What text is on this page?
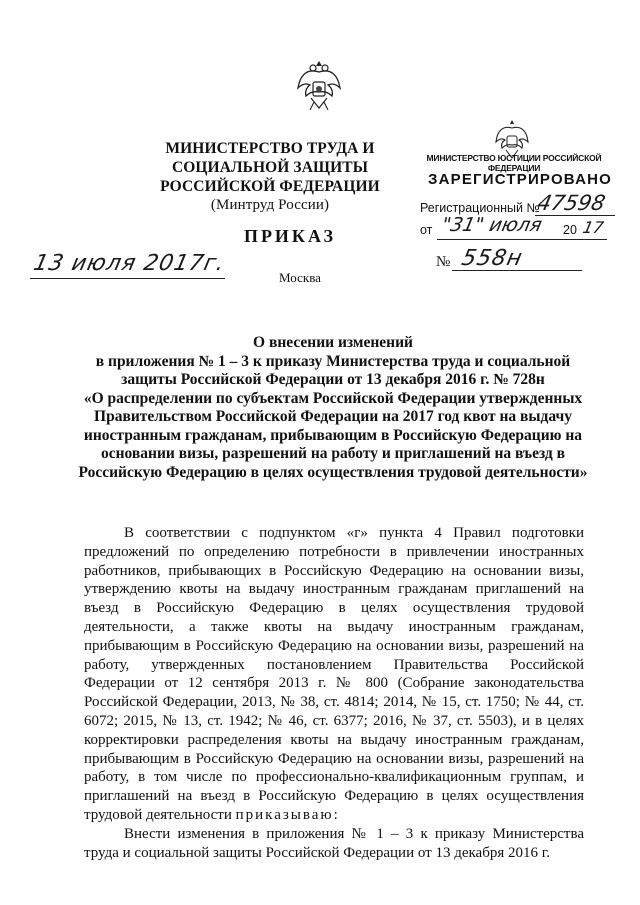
МИНИСТЕРСТВО ТРУДА И СОЦИАЛЬНОЙ ЗАЩИТЫ
РОССИЙСКОЙ ФЕДЕРАЦИИ
(Минтруд России)
МИНИСТЕРСТВО ЮСТИЦИИ РОССИЙСКОЙ ФЕДЕРАЦИИ
ЗАРЕГИСТРИРОВАНО
Регистрационный №
47598
от "31" июля 20 17
ПРИКАЗ
13 июля 2017г.	№ 558н
Москва
О внесении изменений
в приложения № 1 – 3 к приказу Министерства труда и социальной
защиты Российской Федерации от 13 декабря 2016 г. № 728н
«О распределении по субъектам Российской Федерации утвержденных
Правительством Российской Федерации на 2017 год квот на выдачу
иностранным гражданам, прибывающим в Российскую Федерацию на
основании визы, разрешений на работу и приглашений на въезд в
Российскую Федерацию в целях осуществления трудовой деятельности»

В соответствии с подпунктом «г» пункта 4 Правил подготовки предложений по определению потребности в привлечении иностранных работников, прибывающих в Российскую Федерацию на основании визы, утверждению квоты на выдачу иностранным гражданам приглашений на въезд в Российскую Федерацию в целях осуществления трудовой деятельности, а также квоты на выдачу иностранным гражданам, прибывающим в Российскую Федерацию на основании визы, разрешений на работу, утвержденных постановлением Правительства Российской Федерации от 12 сентября 2013 г. № 800 (Собрание законодательства Российской Федерации, 2013, № 38, ст. 4814; 2014, № 15, ст. 1750; № 44, ст. 6072; 2015, № 13, ст. 1942; № 46, ст. 6377; 2016, № 37, ст. 5503), и в целях корректировки распределения квоты на выдачу иностранным гражданам, прибывающим в Российскую Федерацию на основании визы, разрешений на работу, в том числе по профессионально-квалификационным группам, и приглашений на въезд в Российскую Федерацию в целях осуществления трудовой деятельности приказываю:

Внести изменения в приложения № 1 – 3 к приказу Министерства труда и социальной защиты Российской Федерации от 13 декабря 2016 г.
